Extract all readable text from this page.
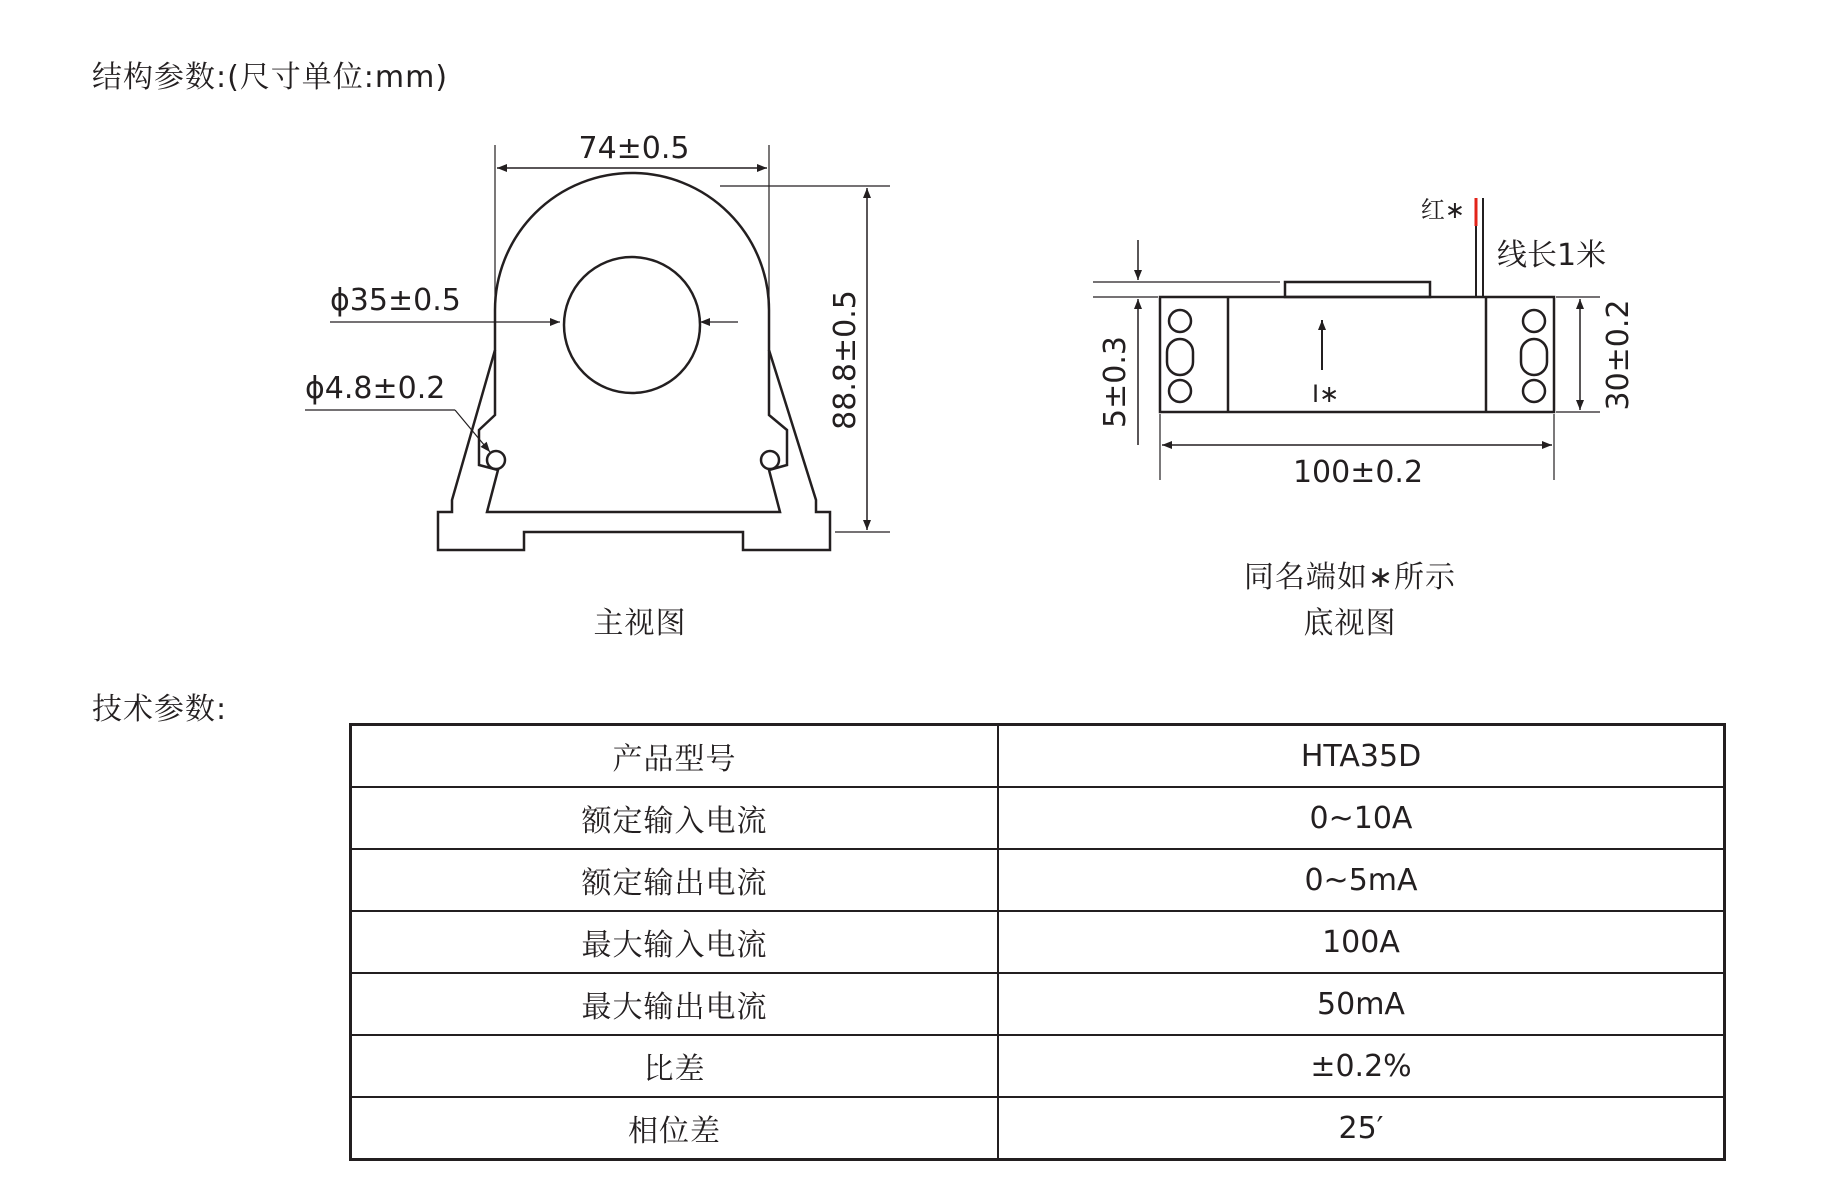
结构参数:(尺寸单位:mm)
74±0.5
ϕ35±0.5
ϕ4.8±0.2	88.8±0.5
红∗
线长1米
I∗
5±0.3	30±0.2
100±0.2
主视图
同名端如∗所示
底视图
技术参数:
产品型号	HTA35D
额定输入电流	0~10A
额定输出电流	0~5mA
最大输入电流	100A
最大输出电流	50mA
比差	±0.2%
相位差	25′
